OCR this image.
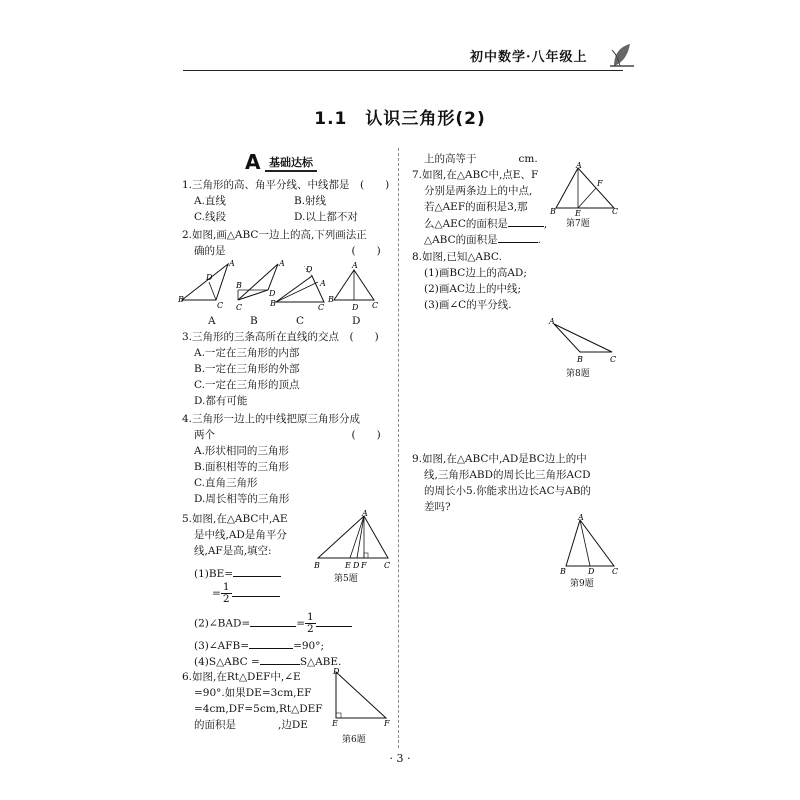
初中数学·八年级上
1.1　认识三角形(2)
A 基础达标
1.三角形的高、角平分线、中线都是　(　　)
A.直线	B.射线
C.线段	D.以上都不对
2.如图,画△ABC一边上的高,下列画法正
确的是　　　　　　　　　　　　(　　)
A
B
C
D
A
B
C
D
D
A
C
B
A
B
D C
A	B	C	D
3.三角形的三条高所在直线的交点　(　　)
A.一定在三角形的内部
B.一定在三角形的外部
C.一定在三角形的顶点
D.都有可能
4.三角形一边上的中线把原三角形分成
两个　　　　　　　　　　　　　(　　)
A.形状相同的三角形
B.面积相等的三角形
C.直角三角形
D.周长相等的三角形
5.如图,在△ABC中,AE
是中线,AD是角平分
线,AF是高,填空:
A
B	E D F C
第5题
(1)BE=
= $\frac{1}{2}$
(2)∠BAD=	= $\frac{1}{2}$
(3)∠AFB=	=90°;
(4)S△ABC =	S△ABE.
6.如图,在Rt△DEF中,∠E
=90°.如果DE=3cm,EF
=4cm,DF=5cm,Rt△DEF
的面积是　　　　,边DE
D
E	F
第6题
上的高等于　　　　cm.
7.如图,在△ABC中,点E、F
分别是两条边上的中点,
若△AEF的面积是3,那
么△AEC的面积是	,
△ABC的面积是	.
A
B E	C
F
第7题
8.如图,已知△ABC.
(1)画BC边上的高AD;
(2)画AC边上的中线;
(3)画∠C的平分线.
A
B	C
第8题
9.如图,在△ABC中,AD是BC边上的中
线,三角形ABD的周长比三角形ACD
的周长小5.你能求出边长AC与AB的
差吗?
A
B	D C
第9题
· 3 ·
